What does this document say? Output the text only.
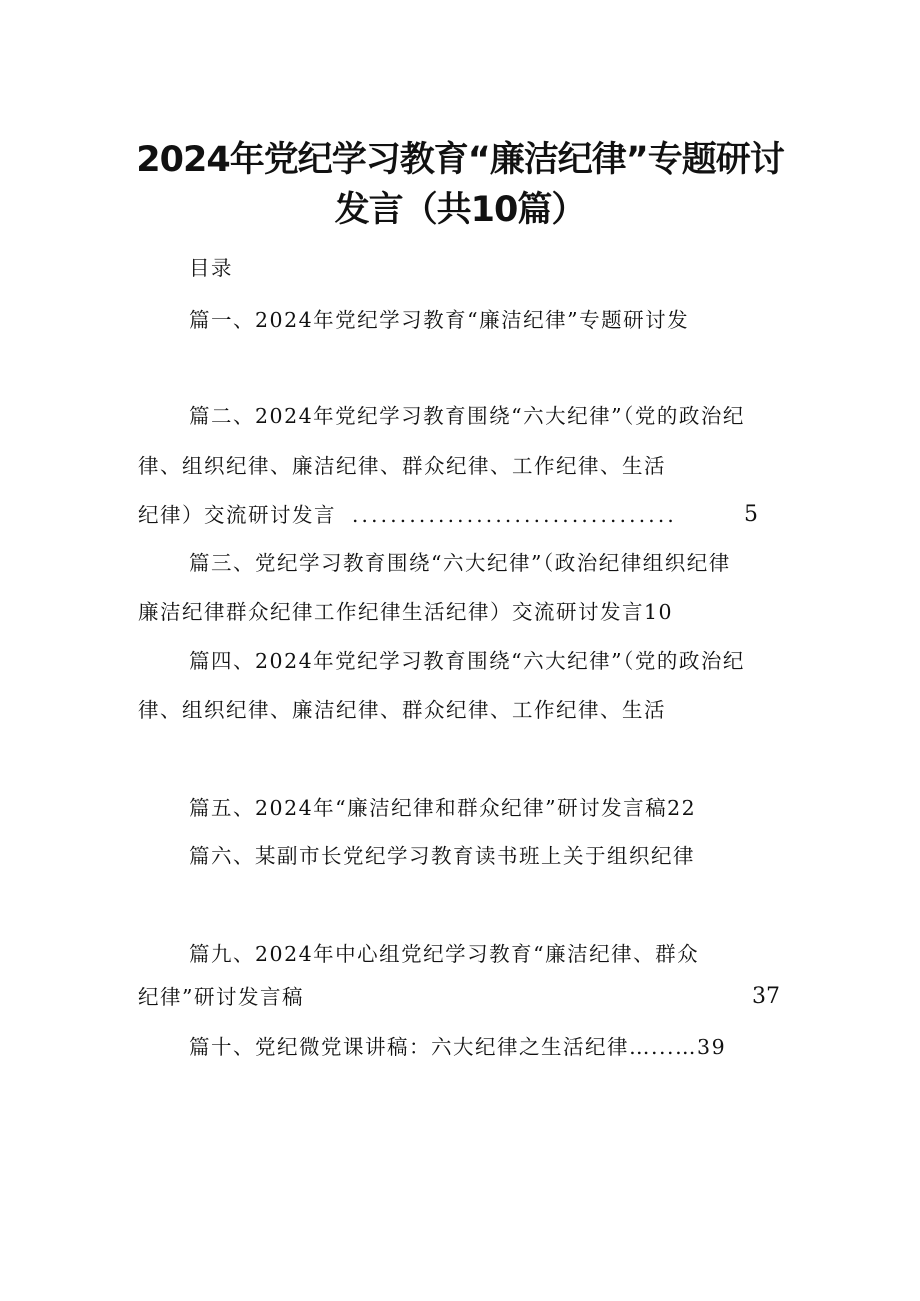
2024年党纪学习教育“廉洁纪律”专题研讨
发言（共10篇）
目录
篇一、2024年党纪学习教育“廉洁纪律”专题研讨发
篇二、2024年党纪学习教育围绕“六大纪律”（党的政治纪
律、组织纪律、廉洁纪律、群众纪律、工作纪律、生活
纪律）交流研讨发言 ..................................	5
篇三、党纪学习教育围绕“六大纪律”（政治纪律组织纪律
廉洁纪律群众纪律工作纪律生活纪律）交流研讨发言10
篇四、2024年党纪学习教育围绕“六大纪律”（党的政治纪
律、组织纪律、廉洁纪律、群众纪律、工作纪律、生活
篇五、2024年“廉洁纪律和群众纪律”研讨发言稿22
篇六、某副市长党纪学习教育读书班上关于组织纪律
篇九、2024年中心组党纪学习教育“廉洁纪律、群众
纪律”研讨发言稿	37
篇十、党纪微党课讲稿：六大纪律之生活纪律…...…39
